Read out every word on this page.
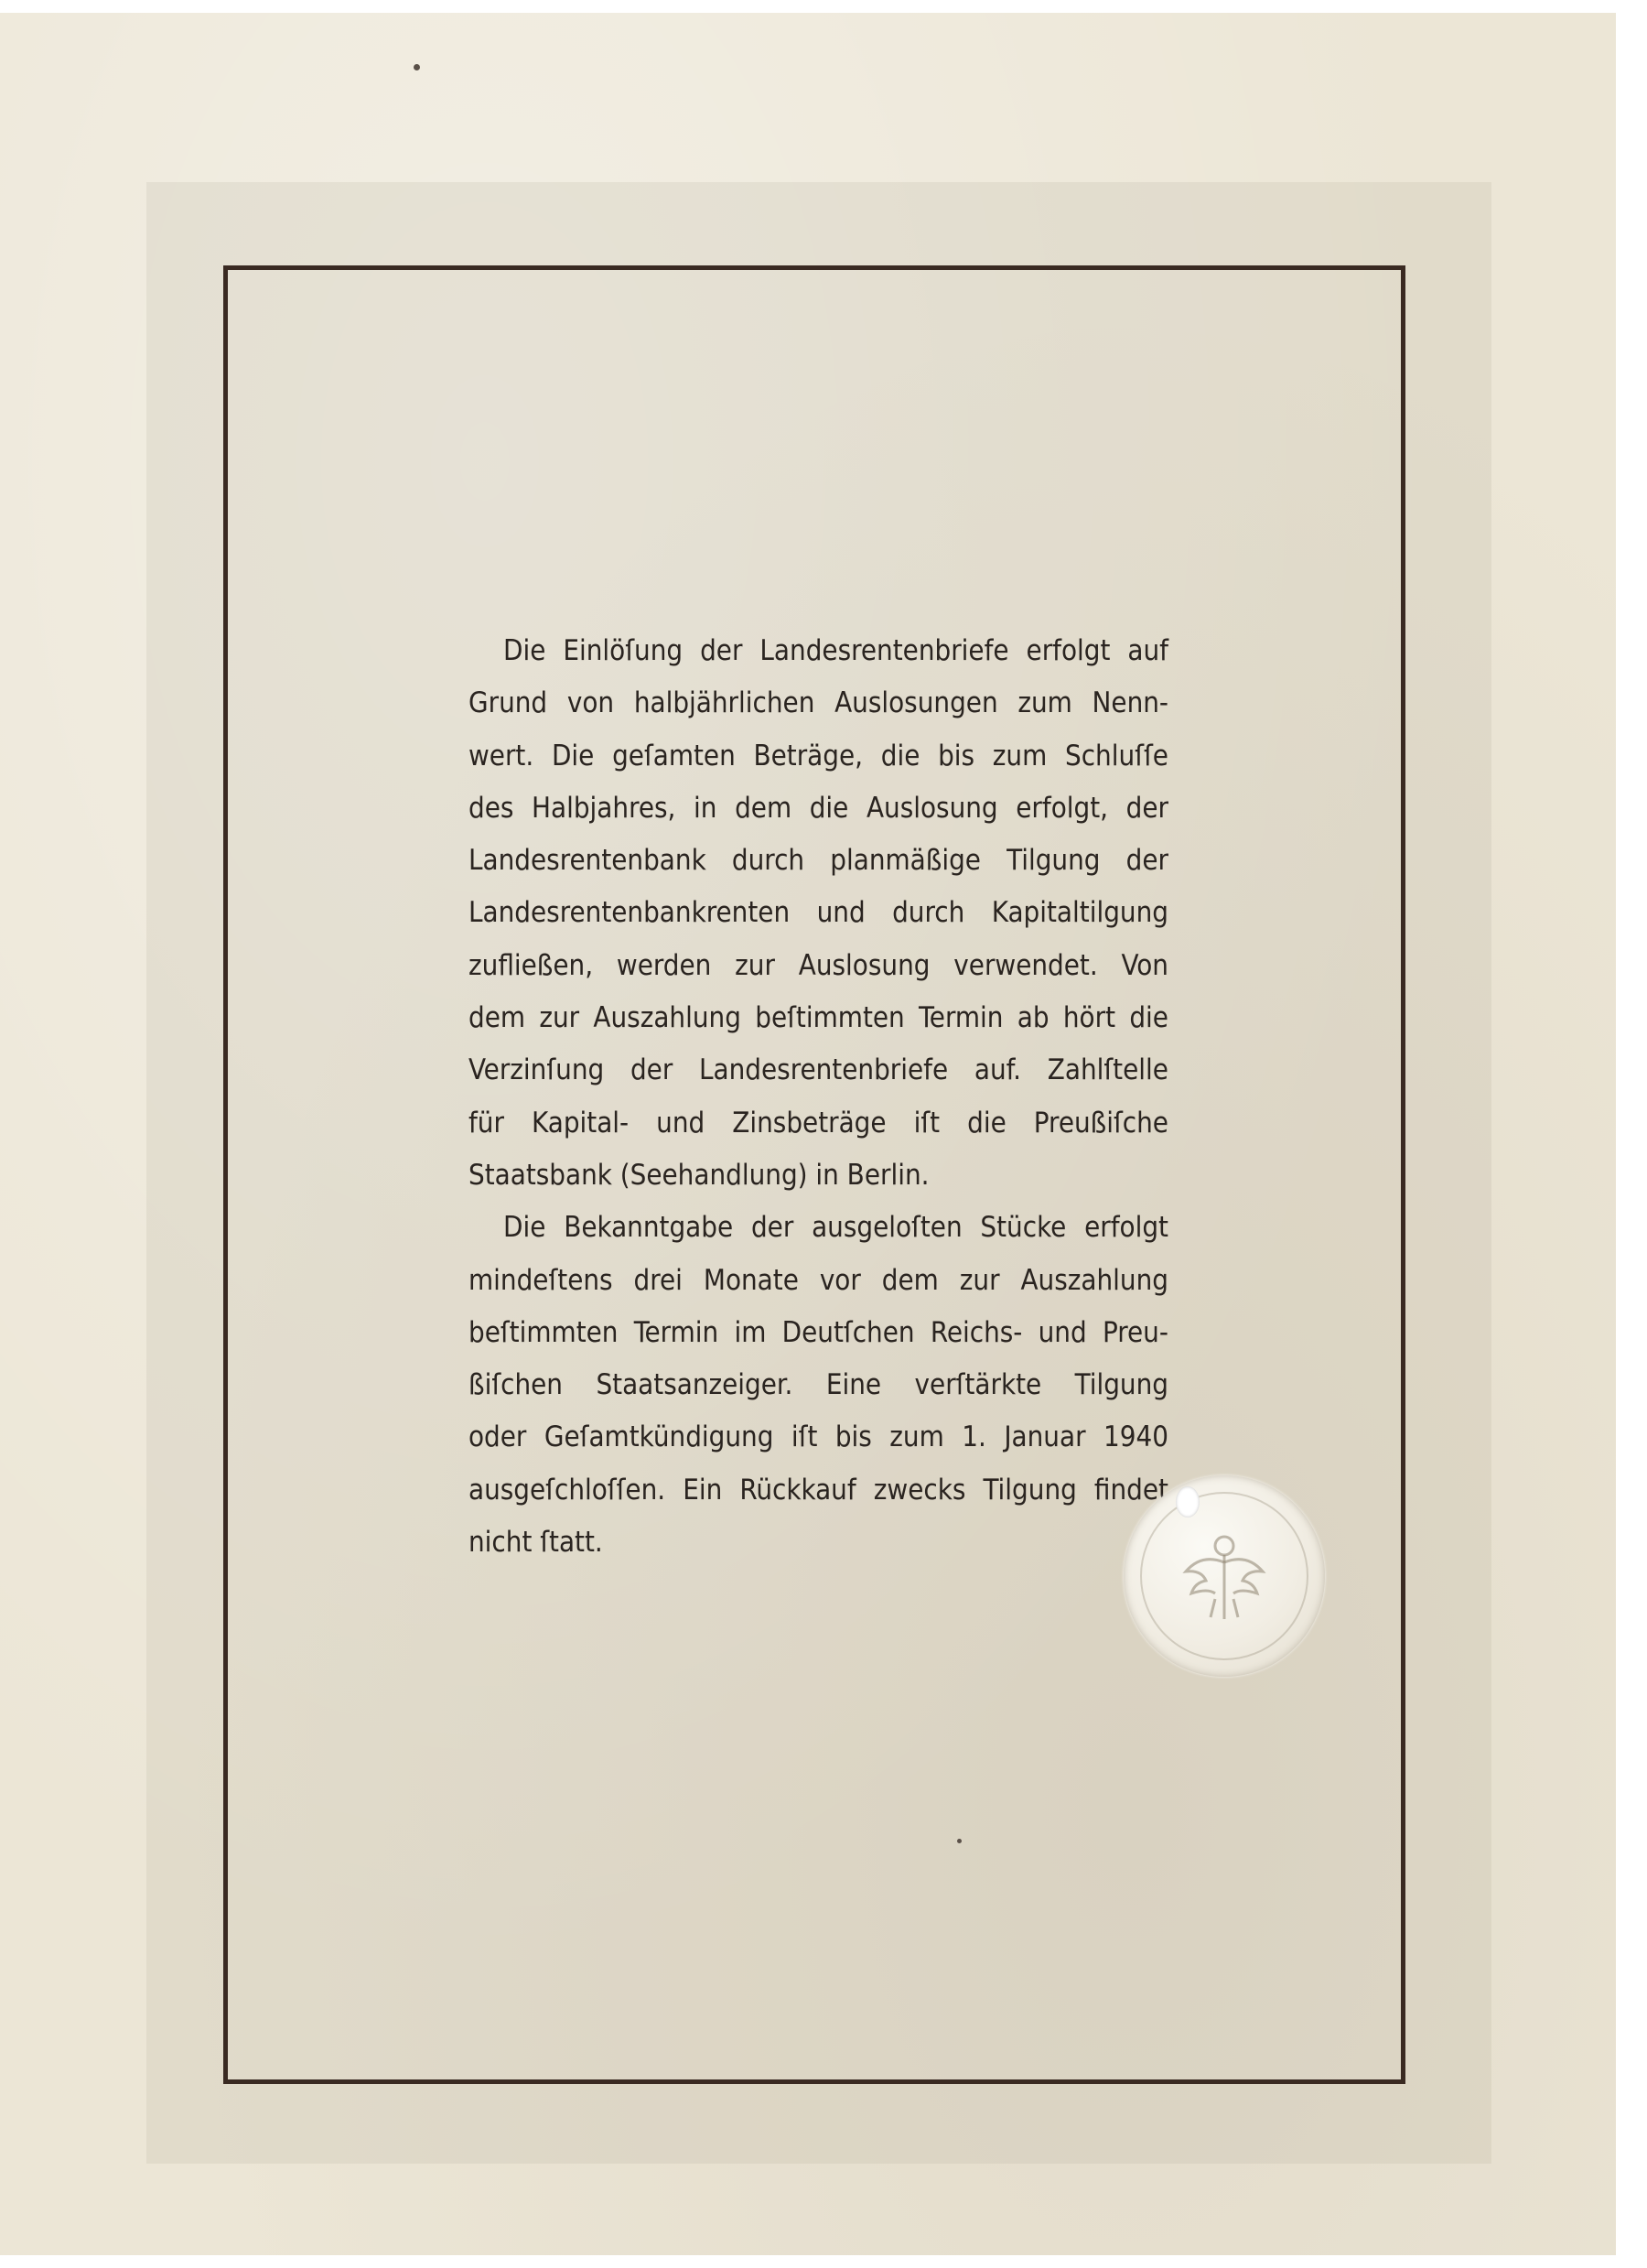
Die Einlöſung der Landesrentenbriefe erfolgt auf
Grund von halbjährlichen Auslosungen zum Nenn-
wert. Die geſamten Beträge, die bis zum Schluſſe
des Halbjahres, in dem die Auslosung erfolgt, der
Landesrentenbank durch planmäßige Tilgung der
Landesrentenbankrenten und durch Kapitaltilgung
zufließen, werden zur Auslosung verwendet. Von
dem zur Auszahlung beſtimmten Termin ab hört die
Verzinſung der Landesrentenbriefe auf. Zahlſtelle
für Kapital- und Zinsbeträge iſt die Preußiſche
Staatsbank (Seehandlung) in Berlin.
Die Bekanntgabe der ausgeloſten Stücke erfolgt
mindeſtens drei Monate vor dem zur Auszahlung
beſtimmten Termin im Deutſchen Reichs- und Preu-
ßiſchen Staatsanzeiger. Eine verſtärkte Tilgung
oder Geſamtkündigung iſt bis zum 1. Januar 1940
ausgeſchloſſen. Ein Rückkauf zwecks Tilgung findet
nicht ſtatt.
